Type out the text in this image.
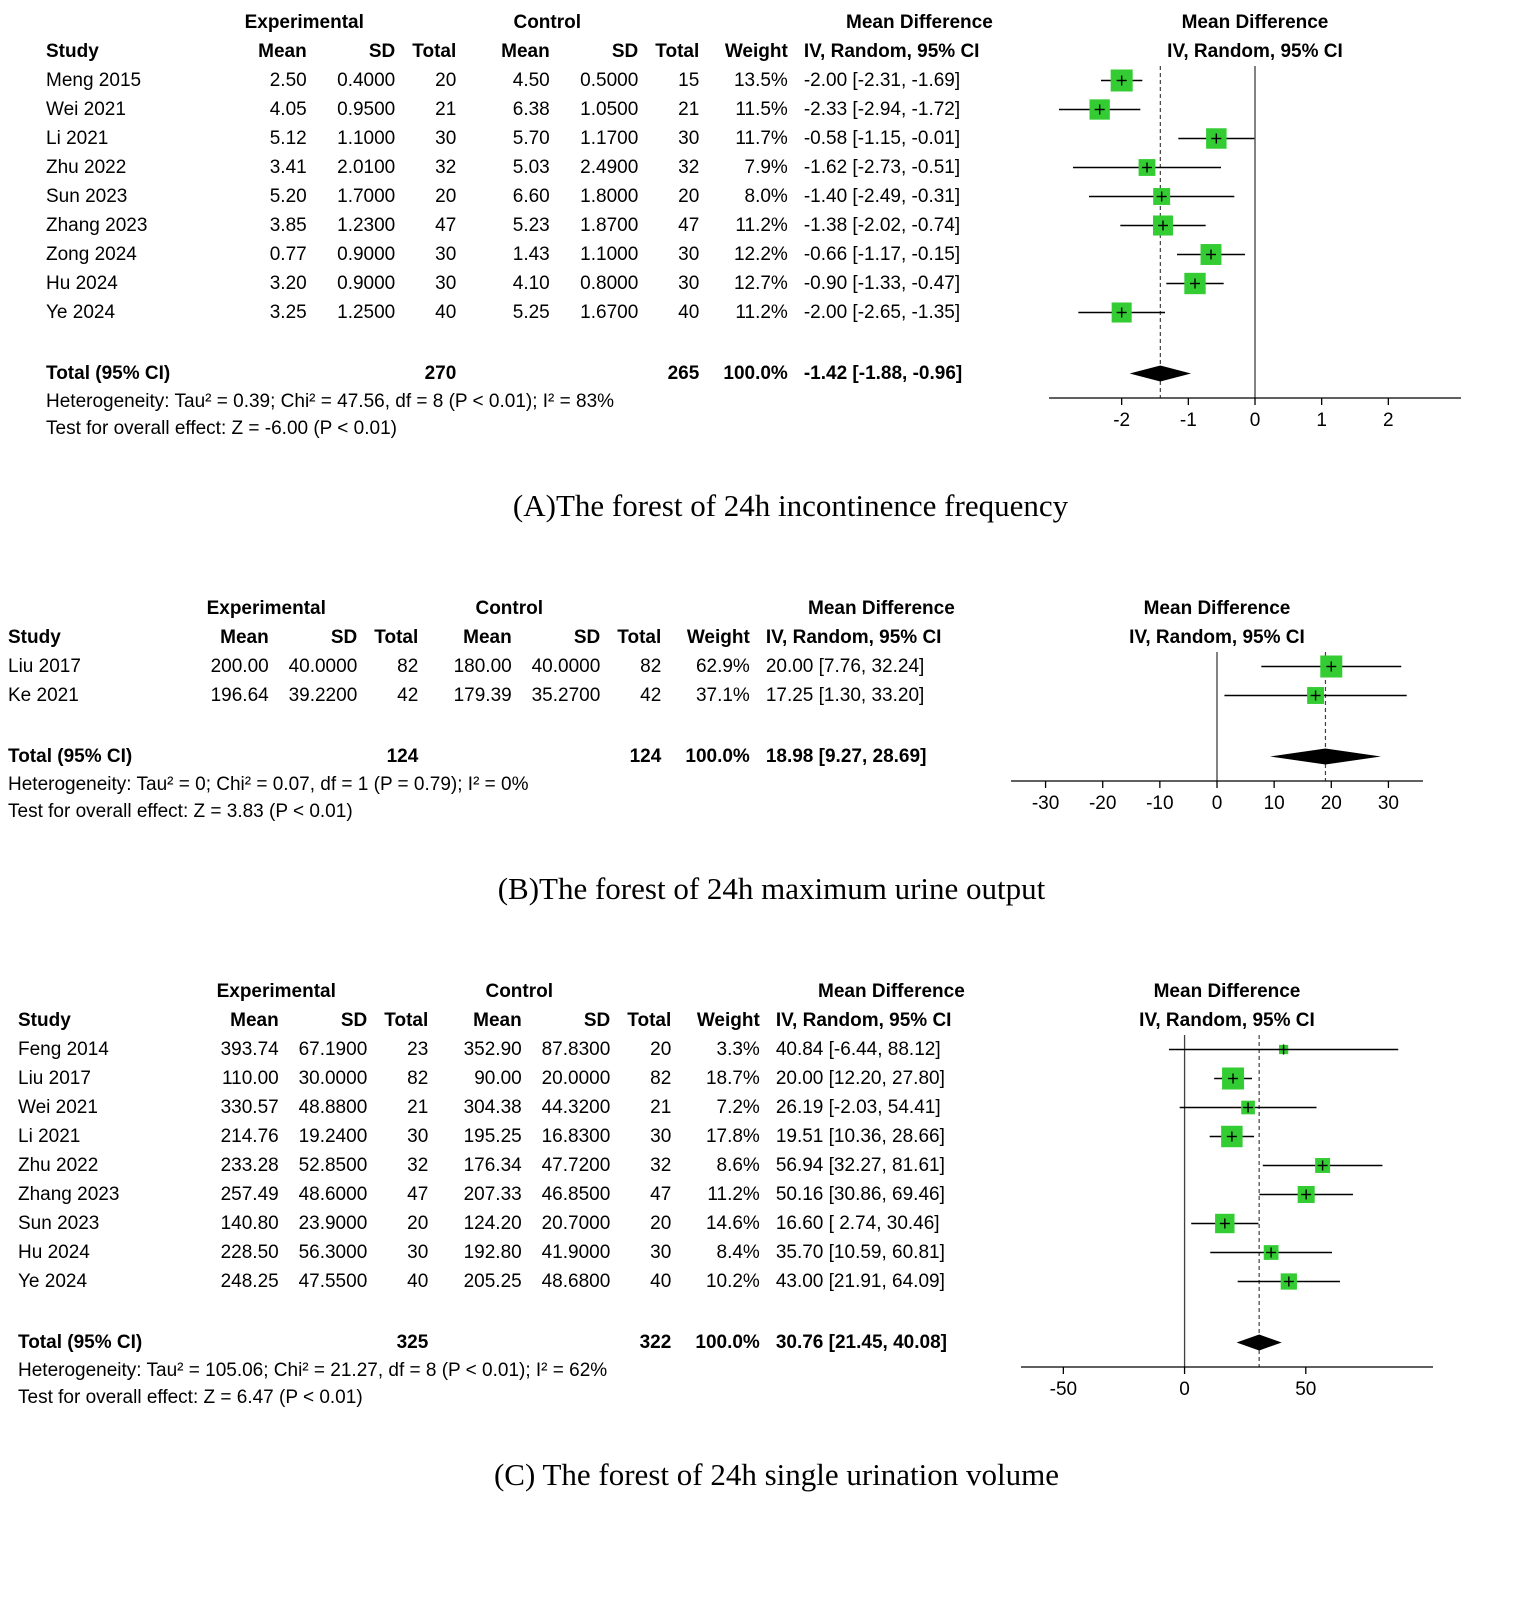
Experimental	Control	Mean Difference
Study	Mean	SD Total	Mean	SD Total	Weight IV, Random, 95% CI
Meng 2015	2.50	0.4000	20	4.50	0.5000	15	13.5% -2.00 [-2.31, -1.69]
Wei 2021	4.05	0.9500	21	6.38	1.0500	21	11.5% -2.33 [-2.94, -1.72]
Li 2021	5.12	1.1000	30	5.70	1.1700	30	11.7% -0.58 [-1.15, -0.01]
Zhu 2022	3.41	2.0100	32	5.03	2.4900	32	7.9% -1.62 [-2.73, -0.51]
Sun 2023	5.20	1.7000	20	6.60	1.8000	20	8.0% -1.40 [-2.49, -0.31]
Zhang 2023	3.85	1.2300	47	5.23	1.8700	47	11.2% -1.38 [-2.02, -0.74]
Zong 2024	0.77	0.9000	30	1.43	1.1000	30	12.2% -0.66 [-1.17, -0.15]
Hu 2024	3.20	0.9000	30	4.10	0.8000	30	12.7% -0.90 [-1.33, -0.47]
Ye 2024	3.25	1.2500	40	5.25	1.6700	40	11.2% -2.00 [-2.65, -1.35]
Total (95% CI)	270	265	100.0% -1.42 [-1.88, -0.96]
Heterogeneity: Tau² = 0.39; Chi² = 47.56, df = 8 (P < 0.01); I² = 83%
Test for overall effect: Z = -6.00 (P < 0.01)
Mean Difference
IV, Random, 95% CI
-2	-1	0	1	2
(A)The forest of 24h incontinence frequency
Experimental	Control	Mean Difference
Study	Mean	SD Total	Mean	SD Total	Weight IV, Random, 95% CI
Liu 2017	200.00	40.0000	82	180.00	40.0000	82	62.9% 20.00 [7.76, 32.24]
Ke 2021	196.64	39.2200	42	179.39	35.2700	42	37.1% 17.25 [1.30, 33.20]
Total (95% CI)	124	124	100.0% 18.98 [9.27, 28.69]
Heterogeneity: Tau² = 0; Chi² = 0.07, df = 1 (P = 0.79); I² = 0%
Test for overall effect: Z = 3.83 (P < 0.01)
Mean Difference
IV, Random, 95% CI
-30 -20 -10 0 10 20 30
(B)The forest of 24h maximum urine output
Experimental	Control	Mean Difference
Study	Mean	SD Total	Mean	SD Total	Weight IV, Random, 95% CI
Feng 2014	393.74	67.1900	23	352.90	87.8300	20	3.3% 40.84 [-6.44, 88.12]
Liu 2017	110.00	30.0000	82	90.00	20.0000	82	18.7% 20.00 [12.20, 27.80]
Wei 2021	330.57	48.8800	21	304.38	44.3200	21	7.2% 26.19 [-2.03, 54.41]
Li 2021	214.76	19.2400	30	195.25	16.8300	30	17.8% 19.51 [10.36, 28.66]
Zhu 2022	233.28	52.8500	32	176.34	47.7200	32	8.6% 56.94 [32.27, 81.61]
Zhang 2023	257.49	48.6000	47	207.33	46.8500	47	11.2% 50.16 [30.86, 69.46]
Sun 2023	140.80	23.9000	20	124.20	20.7000	20	14.6% 16.60 [ 2.74, 30.46]
Hu 2024	228.50	56.3000	30	192.80	41.9000	30	8.4% 35.70 [10.59, 60.81]
Ye 2024	248.25	47.5500	40	205.25	48.6800	40	10.2% 43.00 [21.91, 64.09]
Total (95% CI)	325	322	100.0% 30.76 [21.45, 40.08]
Heterogeneity: Tau² = 105.06; Chi² = 21.27, df = 8 (P < 0.01); I² = 62%
Test for overall effect: Z = 6.47 (P < 0.01)
Mean Difference
IV, Random, 95% CI
-50	0	50
(C) The forest of 24h single urination volume
